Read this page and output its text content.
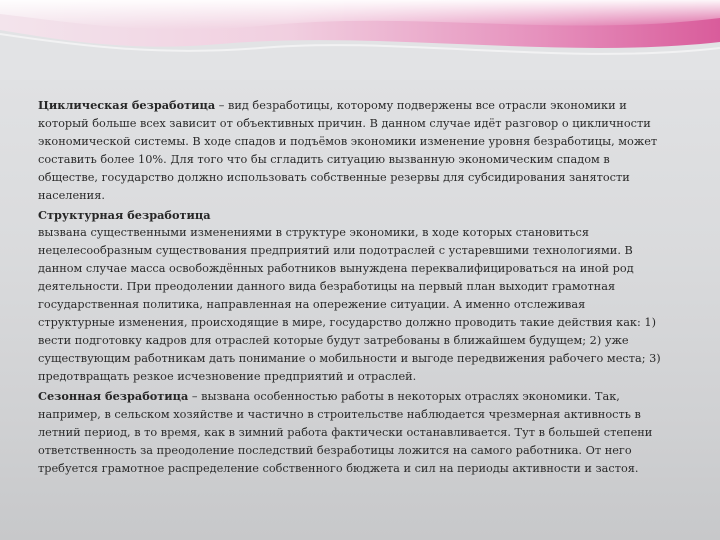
Циклическая безработица – вид безработицы, которому подвержены все отрасли экономики и который больше всех зависит от объективных причин. В данном случае идёт разговор о цикличности экономической системы. В ходе спадов и подъёмов экономики изменение уровня безработицы, может составить более 10%. Для того что бы сгладить ситуацию вызванную экономическим спадом в обществе, государство должно использовать собственные резервы для субсидирования занятости населения.

Структурная безработица

вызвана существенными изменениями в структуре экономики, в ходе которых становиться нецелесообразным существования предприятий или подотраслей с устаревшими технологиями. В данном случае масса освобождённых работников вынуждена переквалифицироваться на иной род деятельности. При преодолении данного вида безработицы на первый план выходит грамотная государственная политика, направленная на опережение ситуации. А именно отслеживая структурные изменения, происходящие в мире, государство должно проводить такие действия как: 1) вести подготовку кадров для отраслей которые будут затребованы в ближайшем будущем; 2) уже существующим работникам дать понимание о мобильности и выгоде передвижения рабочего места; 3) предотвращать резкое исчезновение предприятий и отраслей.

Сезонная безработица – вызвана особенностью работы в некоторых отраслях экономики. Так, например, в сельском хозяйстве и частично в строительстве наблюдается чрезмерная активность в летний период, в то время, как в зимний работа фактически останавливается. Тут в большей степени ответственность за преодоление последствий безработицы ложится на самого работника. От него требуется грамотное распределение собственного бюджета и сил на периоды активности и застоя.
